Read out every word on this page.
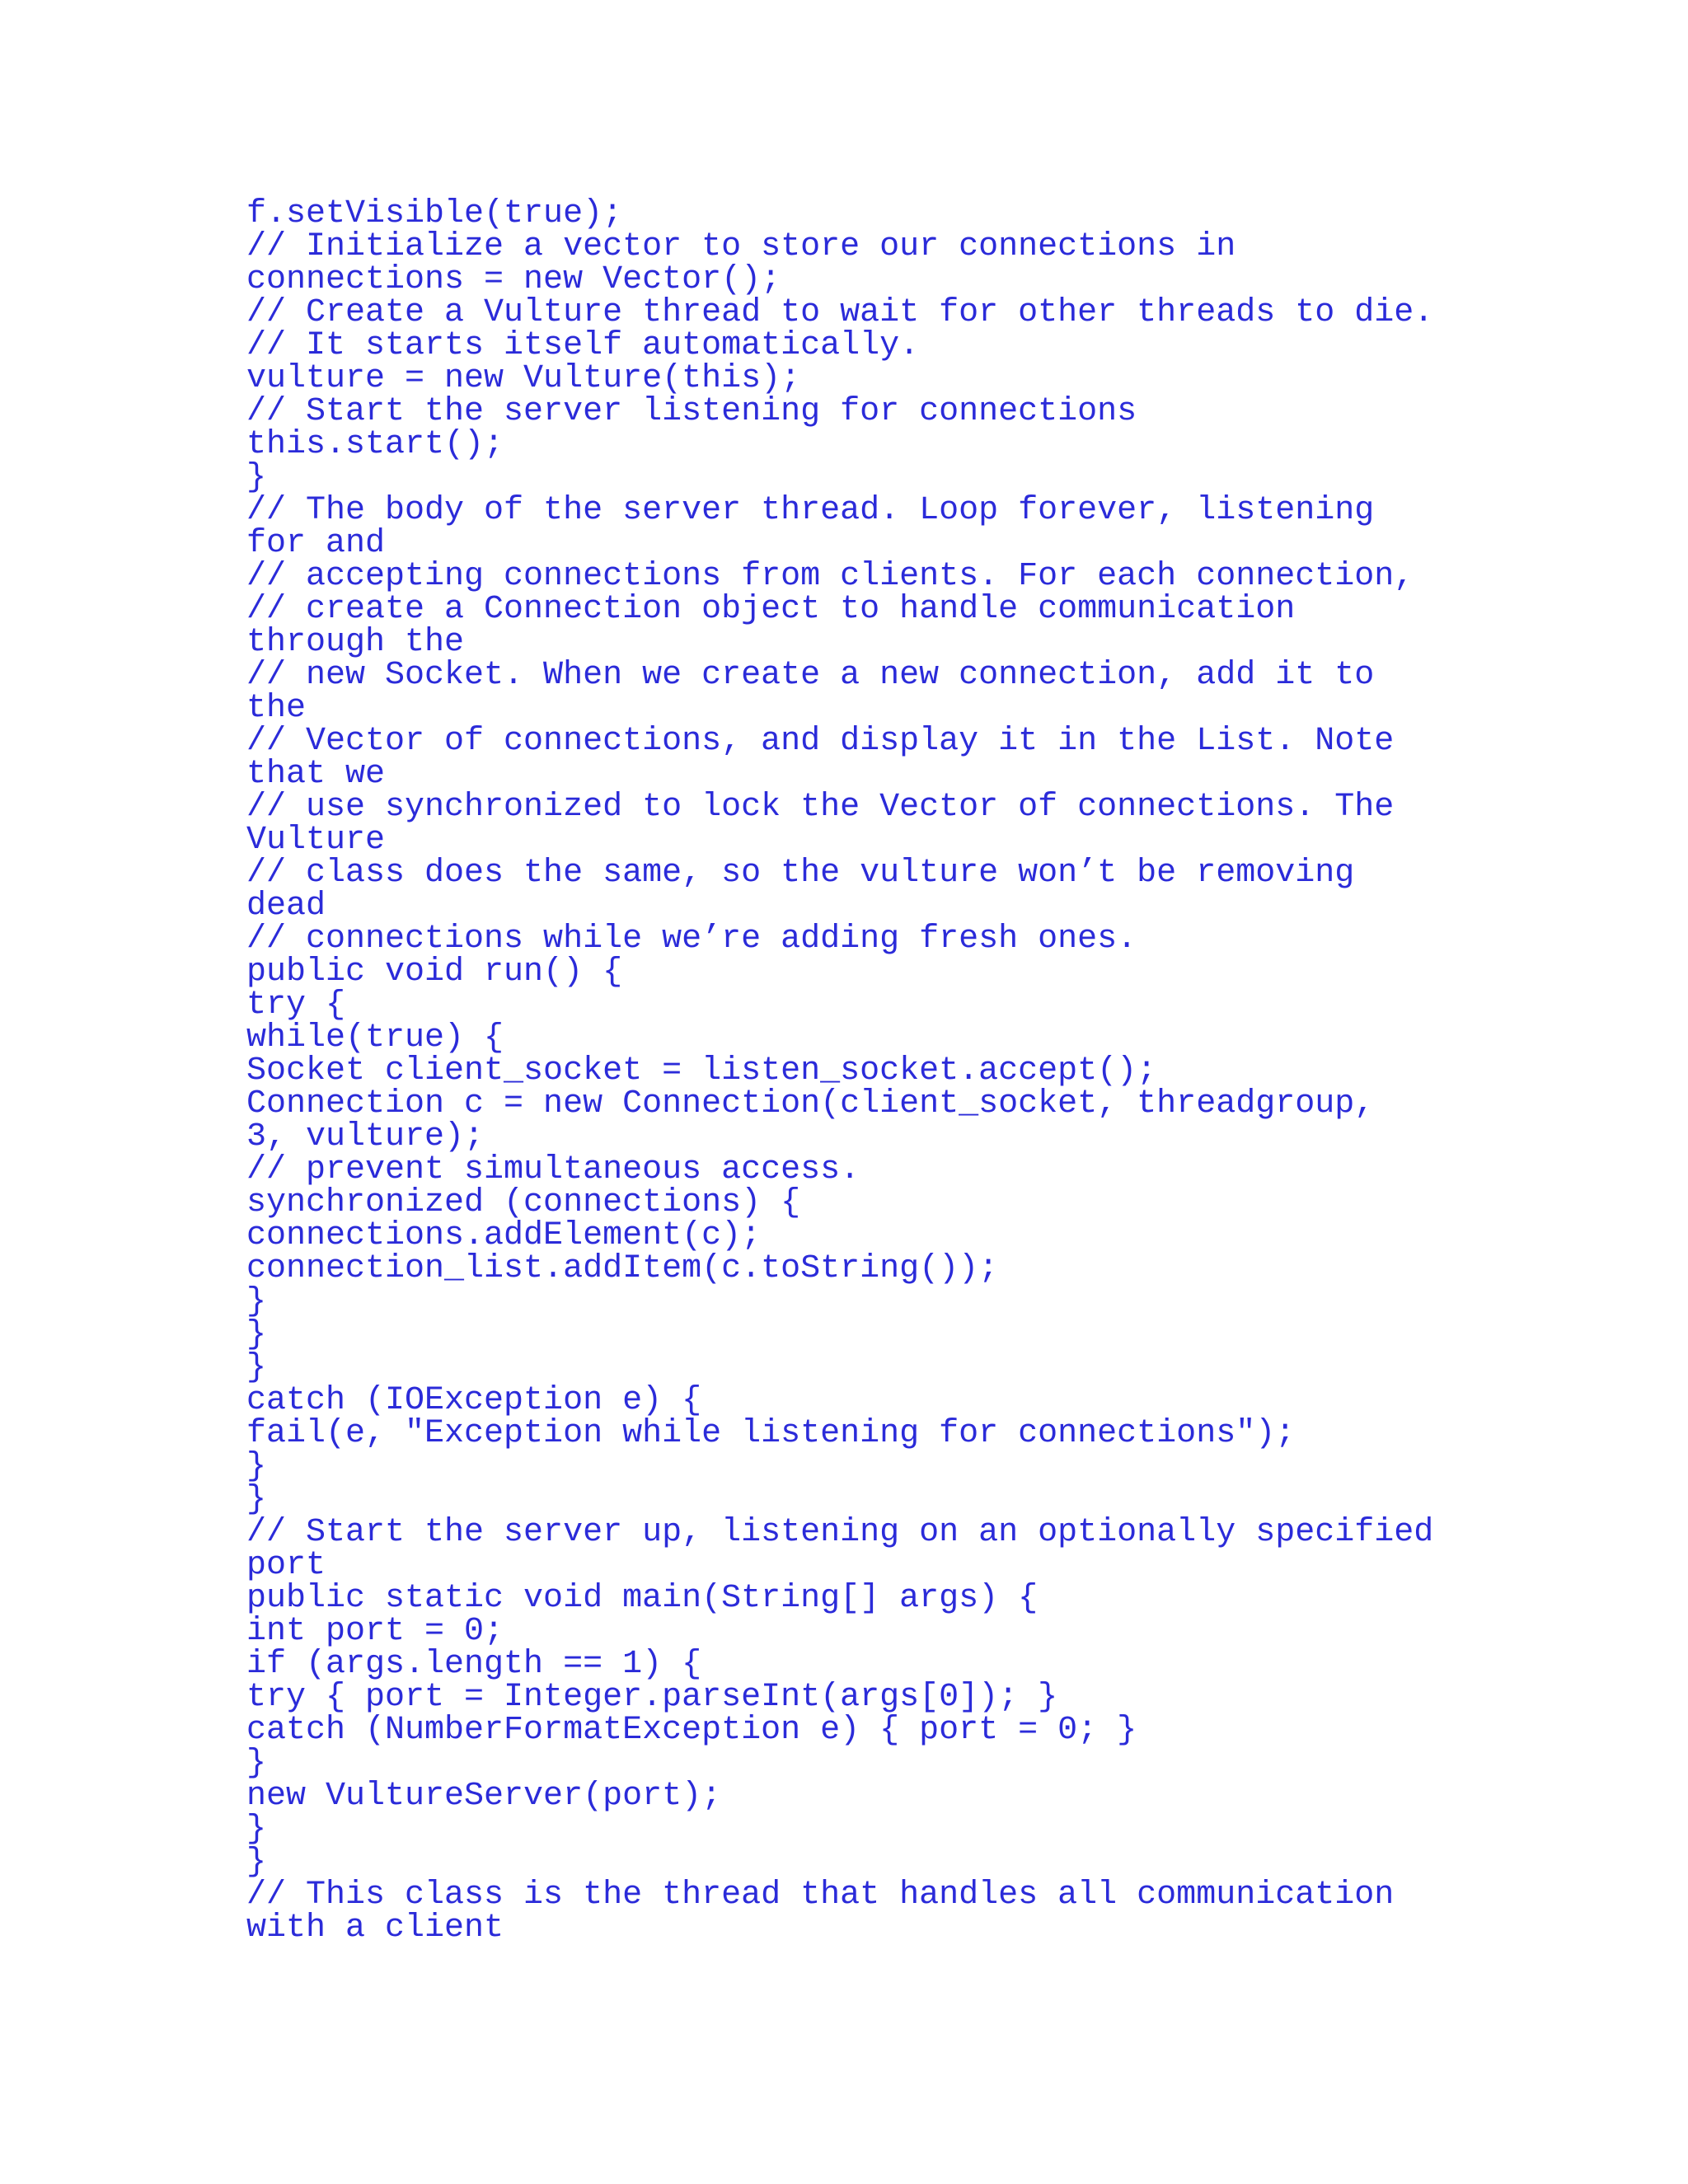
f.setVisible(true);
// Initialize a vector to store our connections in
connections = new Vector();
// Create a Vulture thread to wait for other threads to die.
// It starts itself automatically.
vulture = new Vulture(this);
// Start the server listening for connections
this.start();
}
// The body of the server thread. Loop forever, listening
for and
// accepting connections from clients. For each connection,
// create a Connection object to handle communication
through the
// new Socket. When we create a new connection, add it to
the
// Vector of connections, and display it in the List. Note
that we
// use synchronized to lock the Vector of connections. The
Vulture
// class does the same, so the vulture won’t be removing
dead
// connections while we’re adding fresh ones.
public void run() {
try {
while(true) {
Socket client_socket = listen_socket.accept();
Connection c = new Connection(client_socket, threadgroup,
3, vulture);
// prevent simultaneous access.
synchronized (connections) {
connections.addElement(c);
connection_list.addItem(c.toString());
}
}
}
catch (IOException e) {
fail(e, "Exception while listening for connections");
}
}
// Start the server up, listening on an optionally specified
port
public static void main(String[] args) {
int port = 0;
if (args.length == 1) {
try { port = Integer.parseInt(args[0]); }
catch (NumberFormatException e) { port = 0; }
}
new VultureServer(port);
}
}
// This class is the thread that handles all communication
with a client
